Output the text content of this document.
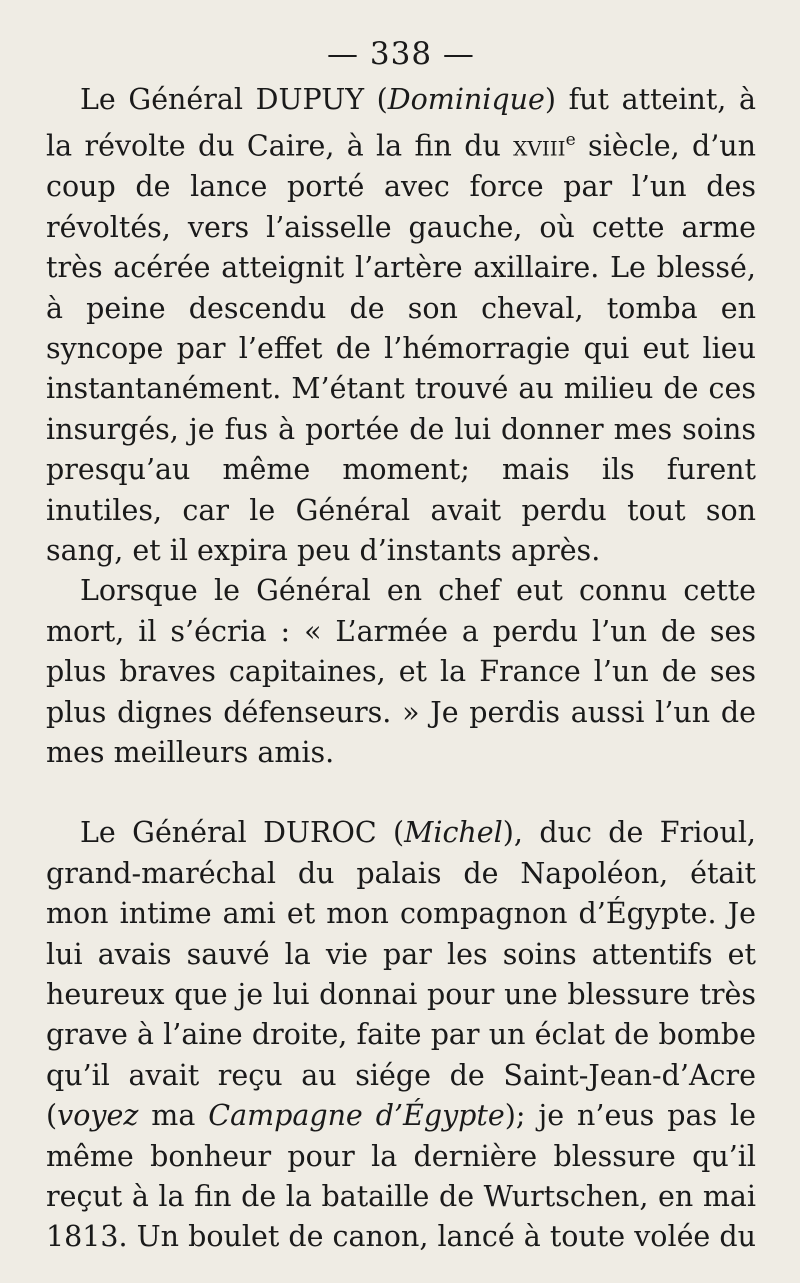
— 338 —

Le Général DUPUY (Dominique) fut atteint, à la révolte du Caire, à la fin du xviii$^e$ siècle, d’un coup de lance porté avec force par l’un des révoltés, vers l’aisselle gauche, où cette arme très acérée atteignit l’artère axillaire. Le blessé, à peine descendu de son cheval, tomba en syncope par l’effet de l’hémorragie qui eut lieu instantanément. M’étant trouvé au milieu de ces insurgés, je fus à portée de lui donner mes soins presqu’au même moment; mais ils furent inutiles, car le Général avait perdu tout son sang, et il expira peu d’instants après.

Lorsque le Général en chef eut connu cette mort, il s’écria : « L’armée a perdu l’un de ses plus braves capitaines, et la France l’un de ses plus dignes défenseurs. » Je perdis aussi l’un de mes meilleurs amis.

Le Général DUROC (Michel), duc de Frioul, grand-maréchal du palais de Napoléon, était mon intime ami et mon compagnon d’Égypte. Je lui avais sauvé la vie par les soins attentifs et heureux que je lui donnai pour une blessure très grave à l’aine droite, faite par un éclat de bombe qu’il avait reçu au siége de Saint-Jean-d’Acre (voyez ma Campagne d’Égypte); je n’eus pas le même bonheur pour la dernière blessure qu’il reçut à la fin de la bataille de Wurtschen, en mai 1813. Un boulet de canon, lancé à toute volée du
